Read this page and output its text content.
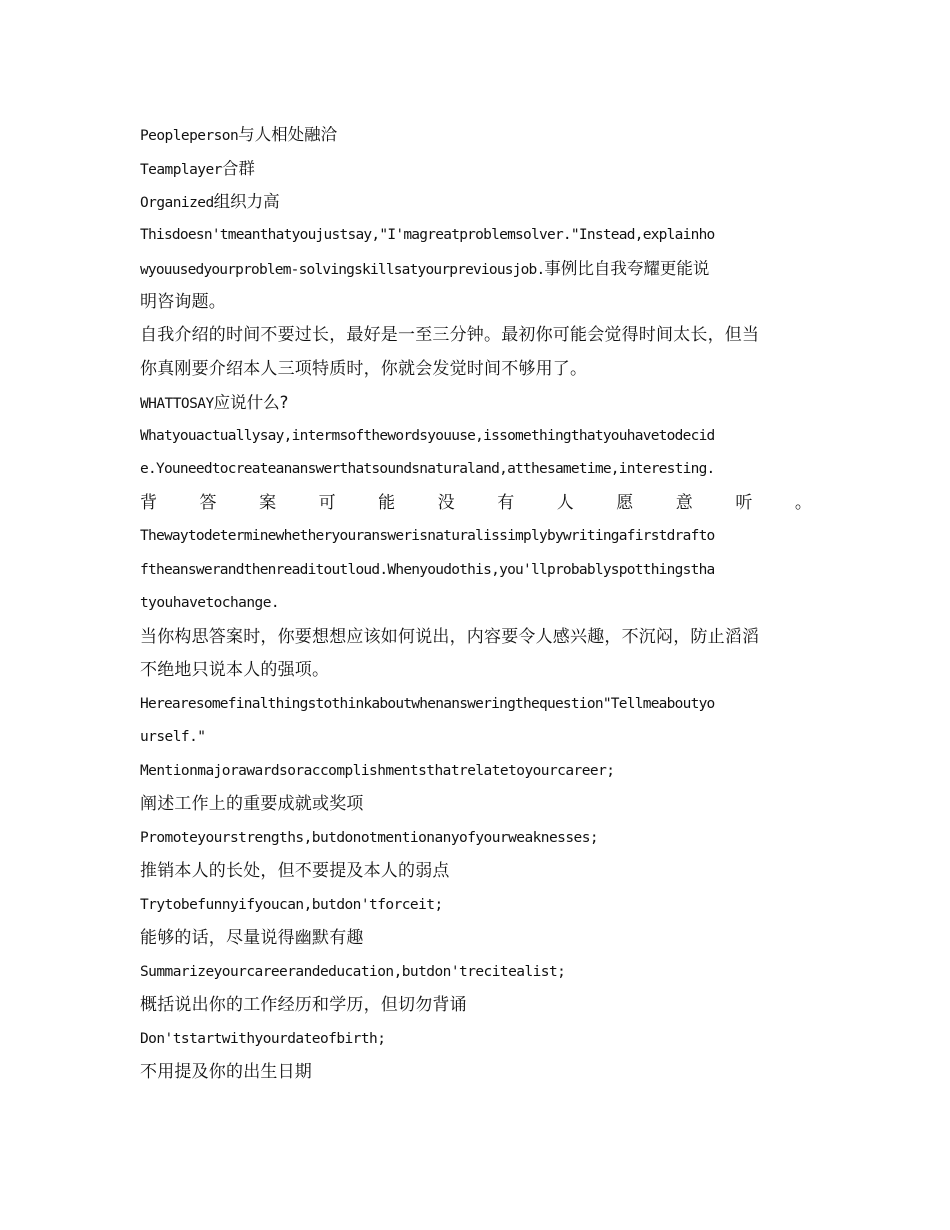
Peopleperson与人相处融洽
Teamplayer合群
Organized组织力高
Thisdoesn'tmeanthatyoujustsay,"I'magreatproblemsolver."Instead,explainho
wyouusedyourproblem-solvingskillsatyourpreviousjob.事例比自我夸耀更能说
明咨询题。
自我介绍的时间不要过长，最好是一至三分钟。最初你可能会觉得时间太长，但当
你真刚要介绍本人三项特质时，你就会发觉时间不够用了。
WHATTOSAY应说什么?
Whatyouactuallysay,intermsofthewordsyouuse,issomethingthatyouhavetodecid
e.Youneedtocreateananswerthatsoundsnaturaland,atthesametime,interesting.
背	答	案	可	能	没	有	人	愿	意	听	。
Thewaytodeterminewhetheryouranswerisnaturalissimplybywritingafirstdraftо
ftheanswerandthenreaditoutloud.Whenyoudothis,you'llprobablyspotthingstha
tyouhavetochange.
当你构思答案时，你要想想应该如何说出，内容要令人感兴趣，不沉闷，防止滔滔
不绝地只说本人的强项。
Herearesomefinalthingstothinkaboutwhenansweringthequestion"Tellmeaboutyo
urself."
Mentionmajorawardsoraccomplishmentsthatrelatetoyourcareer;
阐述工作上的重要成就或奖项
Promoteyourstrengths,butdonotmentionanyofyourweaknesses;
推销本人的长处，但不要提及本人的弱点
Trytobefunnyifyoucan,butdon'tforceit;
能够的话，尽量说得幽默有趣
Summarizeyourcareerandeducation,butdon'trecitealist;
概括说出你的工作经历和学历，但切勿背诵
Don'tstartwithyourdateofbirth;
不用提及你的出生日期
